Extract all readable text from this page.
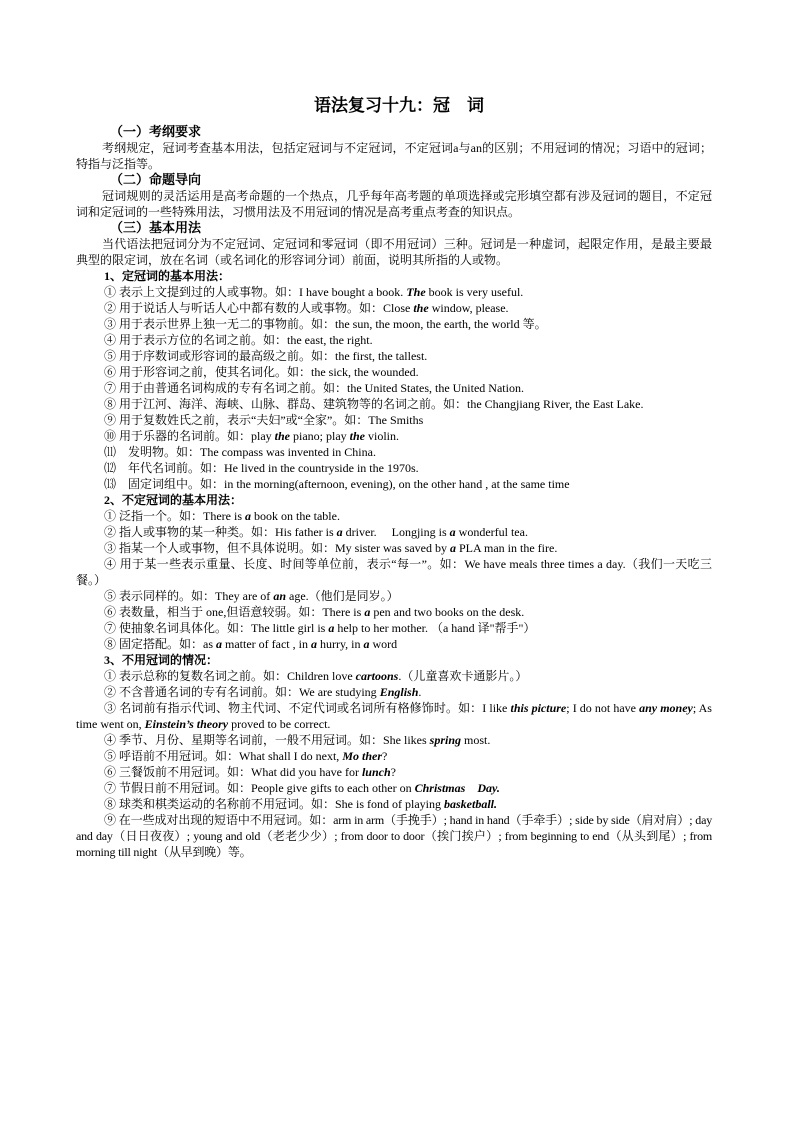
语法复习十九：冠　词
（一）考纲要求
考纲规定，冠词考查基本用法，包括定冠词与不定冠词，不定冠词a与an的区别；不用冠词的情况；习语中的冠词；特指与泛指等。
（二）命题导向
冠词规则的灵活运用是高考命题的一个热点，几乎每年高考题的单项选择或完形填空都有涉及冠词的题目，不定冠词和定冠词的一些特殊用法，习惯用法及不用冠词的情况是高考重点考查的知识点。
（三）基本用法
当代语法把冠词分为不定冠词、定冠词和零冠词（即不用冠词）三种。冠词是一种虚词，起限定作用，是最主要最典型的限定词，放在名词（或名词化的形容词分词）前面，说明其所指的人或物。
1、定冠词的基本用法：
① 表示上文提到过的人或事物。如：I have bought a book. The book is very useful.
② 用于说话人与听话人心中都有数的人或事物。如：Close the window, please.
③ 用于表示世界上独一无二的事物前。如：the sun, the moon, the earth, the world 等。
④ 用于表示方位的名词之前。如：the east, the right.
⑤ 用于序数词或形容词的最高级之前。如：the first, the tallest.
⑥ 用于形容词之前，使其名词化。如：the sick, the wounded.
⑦ 用于由普通名词构成的专有名词之前。如：the United States, the United Nation.
⑧ 用于江河、海洋、海峡、山脉、群岛、建筑物等的名词之前。如：the Changjiang River, the East Lake.
⑨ 用于复数姓氏之前，表示“夫妇”或“全家”。如：The Smiths
⑩ 用于乐器的名词前。如：play the piano; play the violin.
⑾　发明物。如：The compass was invented in China.
⑿　年代名词前。如：He lived in the countryside in the 1970s.
⒀　固定词组中。如：in the morning(afternoon, evening), on the other hand , at the same time
2、不定冠词的基本用法：
① 泛指一个。如：There is a book on the table.
② 指人或事物的某一种类。如：His father is a driver.　 Longjing is a wonderful tea.
③ 指某一个人或事物，但不具体说明。如：My sister was saved by a PLA man in the fire.
④ 用于某一些表示重量、长度、时间等单位前，表示“每一”。如：We have meals three times a day.（我们一天吃三餐。）
⑤ 表示同样的。如：They are of an age.（他们是同岁。）
⑥ 表数量，相当于 one,但语意较弱。如：There is a pen and two books on the desk.
⑦ 使抽象名词具体化。如：The little girl is a help to her mother. （a hand 译"帮手"）
⑧ 固定搭配。如：as a matter of fact , in a hurry, in a word
3、不用冠词的情况：
① 表示总称的复数名词之前。如：Children love cartoons.（儿童喜欢卡通影片。）
② 不含普通名词的专有名词前。如：We are studying English.
③ 名词前有指示代词、物主代词、不定代词或名词所有格修饰时。如：I like this picture; I do not have any money; As time went on, Einstein’s theory proved to be correct.
④ 季节、月份、星期等名词前，一般不用冠词。如：She likes spring most.
⑤ 呼语前不用冠词。如：What shall I do next, Mo ther?
⑥ 三餐饭前不用冠词。如：What did you have for lunch?
⑦ 节假日前不用冠词。如：People give gifts to each other on Christmas　Day.
⑧ 球类和棋类运动的名称前不用冠词。如：She is fond of playing basketball.
⑨ 在一些成对出现的短语中不用冠词。如：arm in arm（手挽手）; hand in hand（手牵手）; side by side（肩对肩）; day and day（日日夜夜）; young and old（老老少少）; from door to door（挨门挨户）; from beginning to end（从头到尾）; from morning till night（从早到晚）等。
